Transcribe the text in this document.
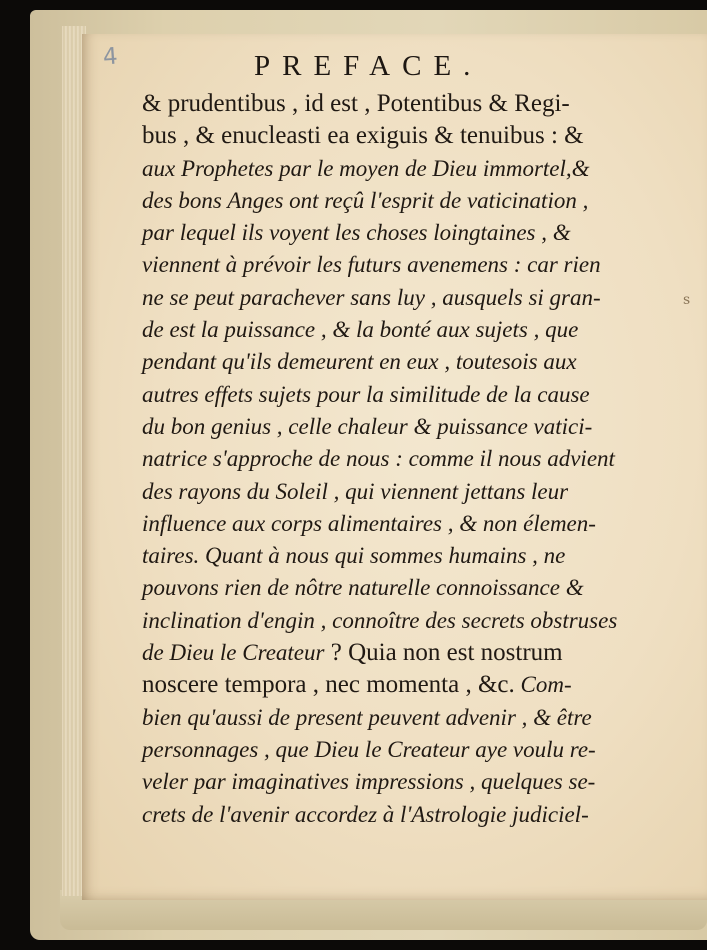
4	PREFACE.
s
& prudentibus , id est , Potentibus & Regi-
bus , & enucleasti ea exiguis & tenuibus : &
aux Prophetes par le moyen de Dieu immortel,&
des bons Anges ont reçû l'esprit de vaticination ,
par lequel ils voyent les choses loingtaines , &
viennent à prévoir les futurs avenemens : car rien
ne se peut parachever sans luy , ausquels si gran-
de est la puissance , & la bonté aux sujets , que
pendant qu'ils demeurent en eux , toutesois aux
autres effets sujets pour la similitude de la cause
du bon genius , celle chaleur & puissance vatici-
natrice s'approche de nous : comme il nous advient
des rayons du Soleil , qui viennent jettans leur
influence aux corps alimentaires , & non élemen-
taires. Quant à nous qui sommes humains , ne
pouvons rien de nôtre naturelle connoissance &
inclination d'engin , connoître des secrets obstruses
de Dieu le Createur ? Quia non est nostrum
noscere tempora , nec momenta , &c. Com-
bien qu'aussi de present peuvent advenir , & être
personnages , que Dieu le Createur aye voulu re-
veler par imaginatives impressions , quelques se-
crets de l'avenir accordez à l'Astrologie judiciel-
